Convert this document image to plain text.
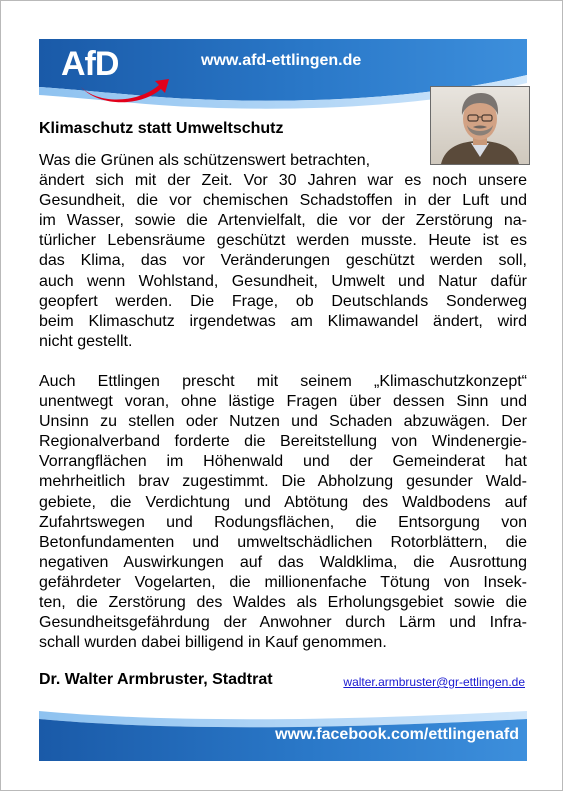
AfD	www.afd-ettlingen.de
Klimaschutz statt Umweltschutz
Was die Grünen als schützenswert betrachten,
ändert sich mit der Zeit. Vor 30 Jahren war es noch unsere
Gesundheit, die vor chemischen Schadstoffen in der Luft und
im Wasser, sowie die Artenvielfalt, die vor der Zerstörung na-
türlicher Lebensräume geschützt werden musste. Heute ist es
das Klima, das vor Veränderungen geschützt werden soll,
auch wenn Wohlstand, Gesundheit, Umwelt und Natur dafür
geopfert werden. Die Frage, ob Deutschlands Sonderweg
beim Klimaschutz irgendetwas am Klimawandel ändert, wird
nicht gestellt.
Auch Ettlingen prescht mit seinem „Klimaschutzkonzept“
unentwegt voran, ohne lästige Fragen über dessen Sinn und
Unsinn zu stellen oder Nutzen und Schaden abzuwägen. Der
Regionalverband forderte die Bereitstellung von Windenergie-
Vorrangflächen im Höhenwald und der Gemeinderat hat
mehrheitlich brav zugestimmt. Die Abholzung gesunder Wald-
gebiete, die Verdichtung und Abtötung des Waldbodens auf
Zufahrtswegen und Rodungsflächen, die Entsorgung von
Betonfundamenten und umweltschädlichen Rotorblättern, die
negativen Auswirkungen auf das Waldklima, die Ausrottung
gefährdeter Vogelarten, die millionenfache Tötung von Insek-
ten, die Zerstörung des Waldes als Erholungsgebiet sowie die
Gesundheitsgefährdung der Anwohner durch Lärm und Infra-
schall wurden dabei billigend in Kauf genommen.
Dr. Walter Armbruster, Stadtrat	walter.armbruster@gr-ettlingen.de
www.facebook.com/ettlingenafd
